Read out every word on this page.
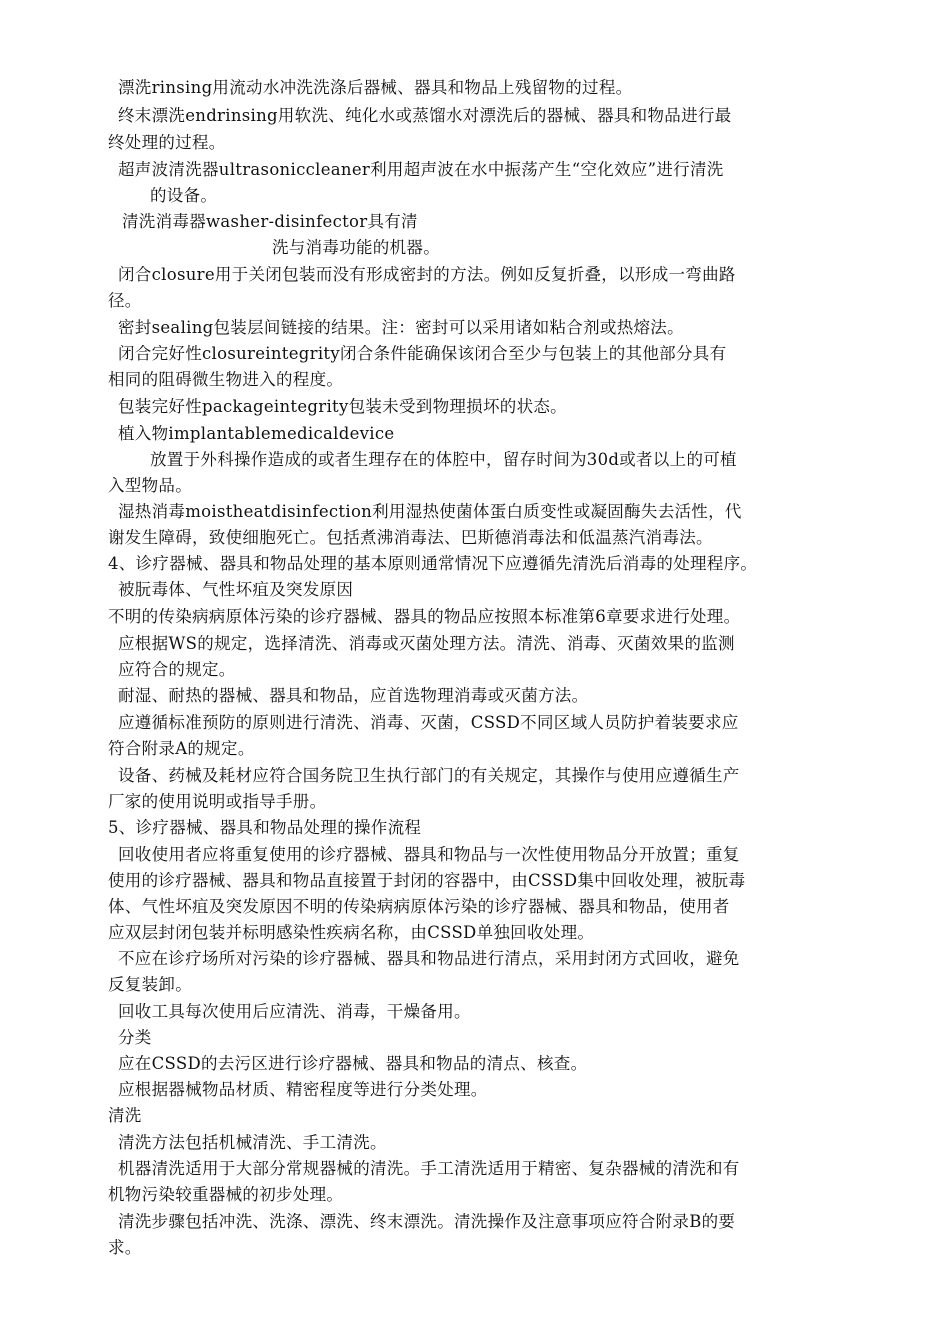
漂洗rinsing用流动水冲洗洗涤后器械、器具和物品上残留物的过程。
终末漂洗endrinsing用软洗、纯化水或蒸馏水对漂洗后的器械、器具和物品进行最
终处理的过程。
超声波清洗器ultrasoniccleaner利用超声波在水中振荡产生“空化效应”进行清洗
的设备。
清洗消毒器washer-disinfector具有清
洗与消毒功能的机器。
闭合closure用于关闭包装而没有形成密封的方法。例如反复折叠，以形成一弯曲路
径。
密封sealing包装层间链接的结果。注：密封可以采用诸如粘合剂或热熔法。
闭合完好性closureintegrity闭合条件能确保该闭合至少与包装上的其他部分具有
相同的阻碍微生物进入的程度。
包装完好性packageintegrity包装未受到物理损坏的状态。
植入物implantablemedicaldevice
放置于外科操作造成的或者生理存在的体腔中，留存时间为30d或者以上的可植
入型物品。
湿热消毒moistheatdisinfection利用湿热使菌体蛋白质变性或凝固酶失去活性，代
谢发生障碍，致使细胞死亡。包括煮沸消毒法、巴斯德消毒法和低温蒸汽消毒法。
4、诊疗器械、器具和物品处理的基本原则通常情况下应遵循先清洗后消毒的处理程序。
被朊毒体、气性坏疽及突发原因
不明的传染病病原体污染的诊疗器械、器具的物品应按照本标准第6章要求进行处理。
应根据WS的规定，选择清洗、消毒或灭菌处理方法。清洗、消毒、灭菌效果的监测
应符合的规定。
耐湿、耐热的器械、器具和物品，应首选物理消毒或灭菌方法。
应遵循标准预防的原则进行清洗、消毒、灭菌，CSSD不同区域人员防护着装要求应
符合附录A的规定。
设备、药械及耗材应符合国务院卫生执行部门的有关规定，其操作与使用应遵循生产
厂家的使用说明或指导手册。
5、诊疗器械、器具和物品处理的操作流程
回收使用者应将重复使用的诊疗器械、器具和物品与一次性使用物品分开放置；重复
使用的诊疗器械、器具和物品直接置于封闭的容器中，由CSSD集中回收处理，被朊毒
体、气性坏疽及突发原因不明的传染病病原体污染的诊疗器械、器具和物品，使用者
应双层封闭包装并标明感染性疾病名称，由CSSD单独回收处理。
不应在诊疗场所对污染的诊疗器械、器具和物品进行清点，采用封闭方式回收，避免
反复装卸。
回收工具每次使用后应清洗、消毒，干燥备用。
分类
应在CSSD的去污区进行诊疗器械、器具和物品的清点、核查。
应根据器械物品材质、精密程度等进行分类处理。
清洗
清洗方法包括机械清洗、手工清洗。
机器清洗适用于大部分常规器械的清洗。手工清洗适用于精密、复杂器械的清洗和有
机物污染较重器械的初步处理。
清洗步骤包括冲洗、洗涤、漂洗、终末漂洗。清洗操作及注意事项应符合附录B的要
求。
